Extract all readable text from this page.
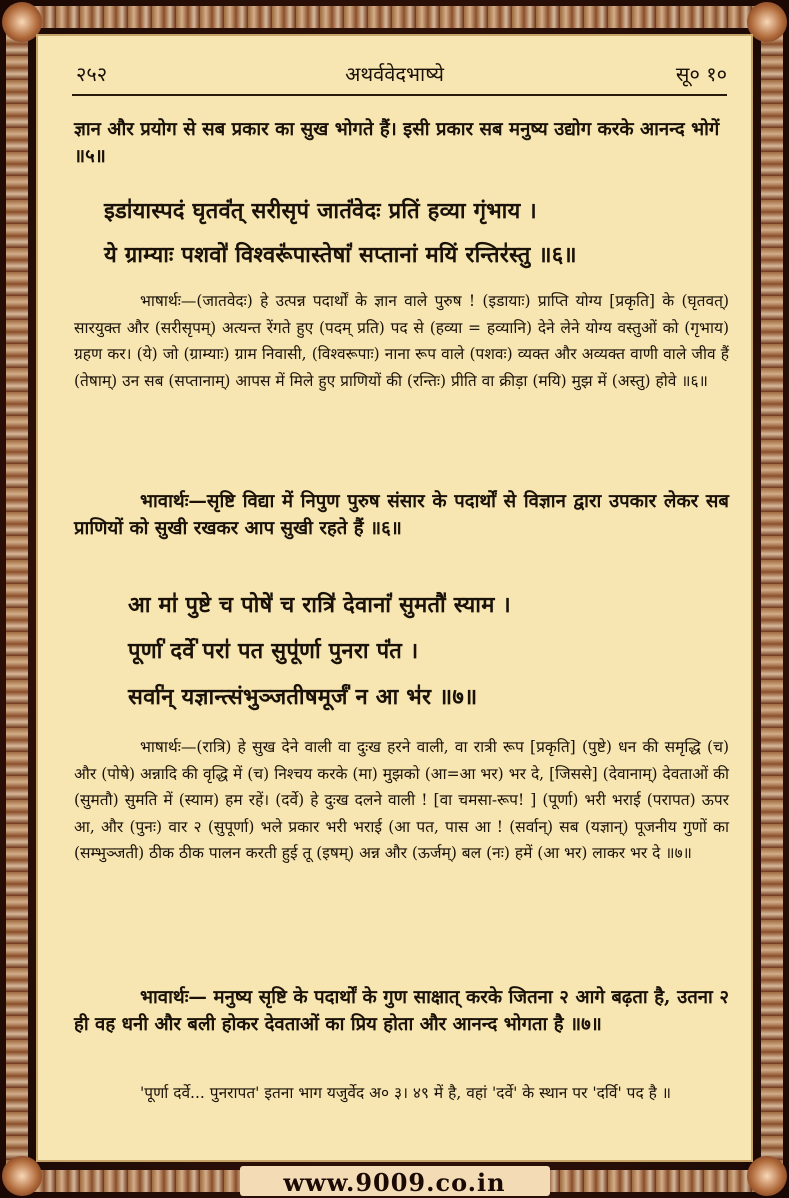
२५२	अथर्ववेदभाष्ये	सू० १०
ज्ञान और प्रयोग से सब प्रकार का सुख भोगते हैं। इसी प्रकार सब मनुष्य उद्योग करके आनन्द भोगें ॥५॥
इडा॑यास्पदं घृतवं॑त् सरीसृपं जातं॑वेदः प्रतिं हव्या गृंभाय ।
ये ग्राम्याः पशवो॑ विश्वरूं॑पास्तेषां॑ सप्तानां मयिं रन्तिर॑स्तु ॥६॥
भाषार्थः—(जातवेदः) हे उत्पन्न पदार्थों के ज्ञान वाले पुरुष ! (इडायाः) प्राप्ति योग्य [प्रकृति] के (घृतवत्) सारयुक्त और (सरीसृपम्) अत्यन्त रेंगते हुए (पदम् प्रति) पद से (हव्या = हव्यानि) देने लेने योग्य वस्तुओं को (गृभाय) ग्रहण कर। (ये) जो (ग्राम्याः) ग्राम निवासी, (विश्वरूपाः) नाना रूप वाले (पशवः) व्यक्त और अव्यक्त वाणी वाले जीव हैं (तेषाम्) उन सब (सप्तानाम्) आपस में मिले हुए प्राणियों की (रन्तिः) प्रीति वा क्रीड़ा (मयि) मुझ में (अस्तु) होवे ॥६॥
भावार्थः—सृष्टि विद्या में निपुण पुरुष संसार के पदार्थों से विज्ञान द्वारा उपकार लेकर सब प्राणियों को सुखी रखकर आप सुखी रहते हैं ॥६॥
आ मा॑ पुष्टे च पोषे॑ च रात्रि॑ देवानां॑ सुमतौ॑ स्याम ।
पूर्णा॑ दर्वे॑ परा॑ पत सुपू॑र्णा पुनरा पं॑त ।
सर्वा॑न् यज्ञान्त्संभुञ्जतीषमूर्जं॑ न आ भ॑र ॥७॥
भाषार्थः—(रात्रि) हे सुख देने वाली वा दुःख हरने वाली, वा रात्री रूप [प्रकृति] (पुष्टे) धन की समृद्धि (च) और (पोषे) अन्नादि की वृद्धि में (च) निश्चय करके (मा) मुझको (आ=आ भर) भर दे, [जिससे] (देवानाम्) देवताओं की (सुमतौ) सुमति में (स्याम) हम रहें। (दर्वे) हे दुःख दलने वाली ! [वा चमसा-रूप! ] (पूर्णा) भरी भराई (परापत) ऊपर आ, और (पुनः) वार २ (सुपूर्णा) भले प्रकार भरी भराई (आ पत, पास आ ! (सर्वान्) सब (यज्ञान्) पूजनीय गुणों का (सम्भुञ्जती) ठीक ठीक पालन करती हुई तू (इषम्) अन्न और (ऊर्जम्) बल (नः) हमें (आ भर) लाकर भर दे ॥७॥
भावार्थः— मनुष्य सृष्टि के पदार्थों के गुण साक्षात् करके जितना २ आगे बढ़ता है, उतना २ ही वह धनी और बली होकर देवताओं का प्रिय होता और आनन्द भोगता है ॥७॥
'पूर्णा दर्वे... पुनरापत' इतना भाग यजुर्वेद अ० ३। ४९ में है, वहां 'दर्वे' के स्थान पर 'दर्वि' पद है ॥
www.9009.co.in
